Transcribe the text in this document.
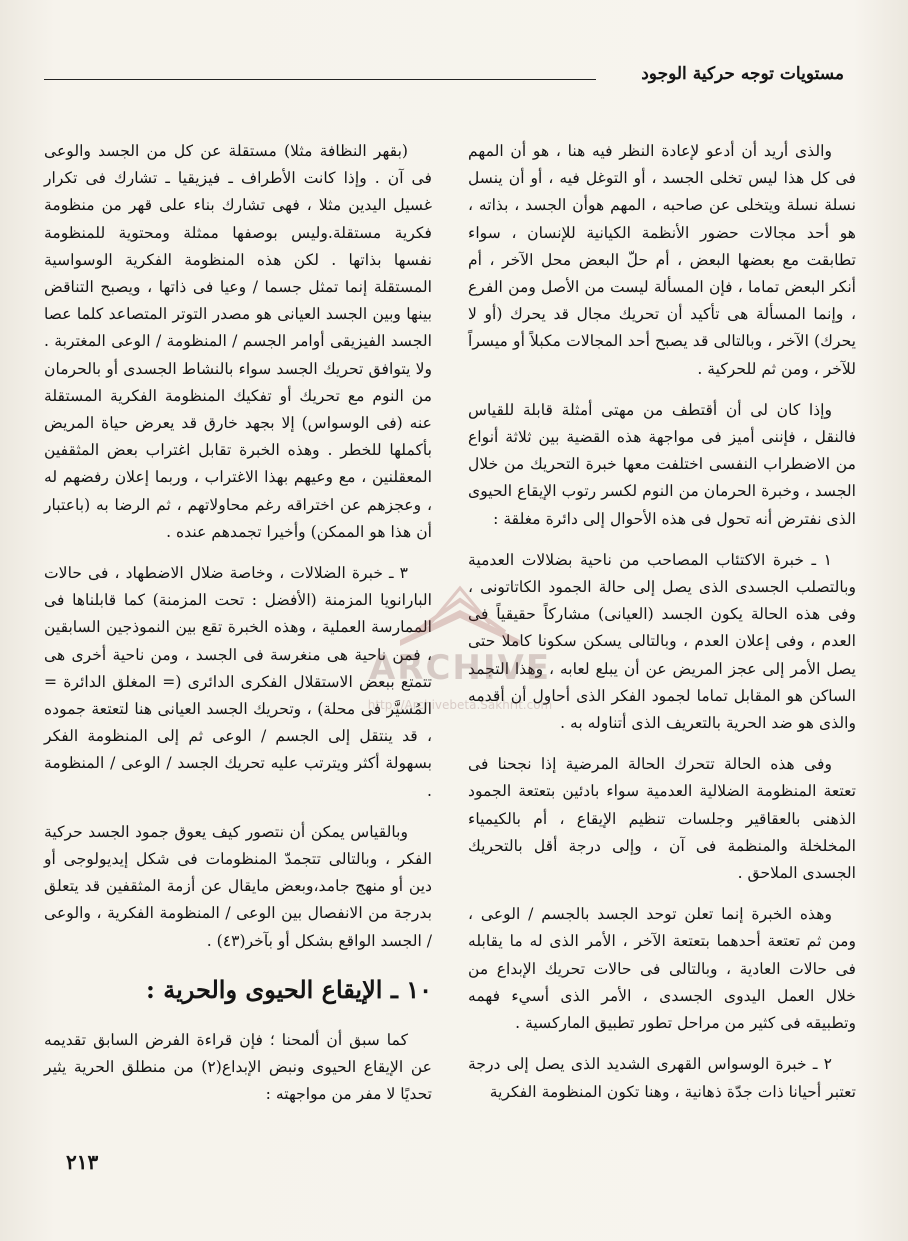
مستويات توجه حركية الوجود

والذى أريد أن أدعو لإعادة النظر فيه هنا ، هو أن المهم فى كل هذا ليس تخلى الجسد ، أو التوغل فيه ، أو أن ينسل نسلة نسلة ويتخلى عن صاحبه ، المهم هوأن الجسد ، بذاته ، هو أحد مجالات حضور الأنظمة الكيانية للإنسان ، سواء تطابقت مع بعضها البعض ، أم حلّ البعض محل الآخر ، أم أنكر البعض تماما ، فإن المسألة ليست من الأصل ومن الفرع ، وإنما المسألة هى تأكيد أن تحريك مجال قد يحرك (أو لا يحرك) الآخر ، وبالتالى قد يصبح أحد المجالات مكبلاً أو ميسراً للآخر ، ومن ثم للحركية .

وإذا كان لى أن أقتطف من مهتى أمثلة قابلة للقياس فالنقل ، فإننى أميز فى مواجهة هذه القضية بين ثلاثة أنواع من الاضطراب النفسى اختلفت معها خبرة التحريك من خلال الجسد ، وخبرة الحرمان من النوم لكسر رتوب الإيقاع الحيوى الذى نفترض أنه تحول فى هذه الأحوال إلى دائرة مغلقة :

١ ـ خبرة الاكتئاب المصاحب من ناحية بضلالات العدمية وبالتصلب الجسدى الذى يصل إلى حالة الجمود الكاتاتونى ، وفى هذه الحالة يكون الجسد (العيانى) مشاركاً حقيقياً فى العدم ، وفى إعلان العدم ، وبالتالى يسكن سكونا كاملا حتى يصل الأمر إلى عجز المريض عن أن يبلع لعابه ، وهذا التجمد الساكن هو المقابل تماما لجمود الفكر الذى أحاول أن أقدمه والذى هو ضد الحرية بالتعريف الذى أتناوله به .

وفى هذه الحالة تتحرك الحالة المرضية إذا نجحنا فى تعتعة المنظومة الضلالية العدمية سواء بادئين بتعتعة الجمود الذهنى بالعقاقير وجلسات تنظيم الإيقاع ، أم بالكيمياء المخلخلة والمنظمة فى آن ، وإلى درجة أقل بالتحريك الجسدى الملاحق .

وهذه الخبرة إنما تعلن توحد الجسد بالجسم / الوعى ، ومن ثم تعتعة أحدهما بتعتعة الآخر ، الأمر الذى له ما يقابله فى حالات العادية ، وبالتالى فى حالات تحريك الإبداع من خلال العمل اليدوى الجسدى ، الأمر الذى أسيء فهمه وتطبيقه فى كثير من مراحل تطور تطبيق الماركسية .

٢ ـ خبرة الوسواس القهرى الشديد الذى يصل إلى درجة تعتبر أحيانا ذات جدّة ذهانية ، وهنا تكون المنظومة الفكرية

(بقهر النظافة مثلا) مستقلة عن كل من الجسد والوعى فى آن . وإذا كانت الأطراف ـ فيزيقيا ـ تشارك فى تكرار غسيل اليدين مثلا ، فهى تشارك بناء على قهر من منظومة فكرية مستقلة.وليس بوصفها ممثلة ومحتوية للمنظومة نفسها بذاتها . لكن هذه المنظومة الفكرية الوسواسية المستقلة إنما تمثل جسما / وعيا فى ذاتها ، ويصبح التناقض بينها وبين الجسد العيانى هو مصدر التوتر المتصاعد كلما عصا الجسد الفيزيقى أوامر الجسم / المنظومة / الوعى المغتربة . ولا يتوافق تحريك الجسد سواء بالنشاط الجسدى أو بالحرمان من النوم مع تحريك أو تفكيك المنظومة الفكرية المستقلة عنه (فى الوسواس) إلا بجهد خارق قد يعرض حياة المريض بأكملها للخطر . وهذه الخبرة تقابل اغتراب بعض المثقفين المعقلنين ، مع وعيهم بهذا الاغتراب ، وربما إعلان رفضهم له ، وعجزهم عن اختراقه رغم محاولاتهم ، ثم الرضا به (باعتبار أن هذا هو الممكن) وأخيرا تجمدهم عنده .

٣ ـ خبرة الضلالات ، وخاصة ضلال الاضطهاد ، فى حالات البارانويا المزمنة (الأفضل : تحت المزمنة) كما قابلناها فى الممارسة العملية ، وهذه الخبرة تقع بين النموذجين السابقين ، فمن ناحية هى منغرسة فى الجسد ، ومن ناحية أخرى هى تتمتع ببعض الاستقلال الفكرى الدائرى (= المغلق الدائرة = المُسيَّر فى محلة) ، وتحريك الجسد العيانى هنا لتعتعة جموده ، قد ينتقل إلى الجسم / الوعى ثم إلى المنظومة الفكر بسهولة أكثر ويترتب عليه تحريك الجسد / الوعى / المنظومة .

وبالقياس يمكن أن نتصور كيف يعوق جمود الجسد حركية الفكر ، وبالتالى تتجمدّ المنظومات فى شكل إيديولوجى أو دين أو منهج جامد،وبعض مايقال عن أزمة المثقفين قد يتعلق بدرجة من الانفصال بين الوعى / المنظومة الفكرية ، والوعى / الجسد الواقع بشكل أو بآخر(٤٣) .

١٠ ـ الإيقاع الحيوى والحرية :

كما سبق أن ألمحنا ؛ فإن قراءة الفرض السابق تقديمه عن الإيقاع الحيوى ونبض الإبداع(٢) من منطلق الحرية يثير تحديًا لا مفر من مواجهته :

ARCHIVE
http://Archivebeta.Sakhrit.com
٢١٣
